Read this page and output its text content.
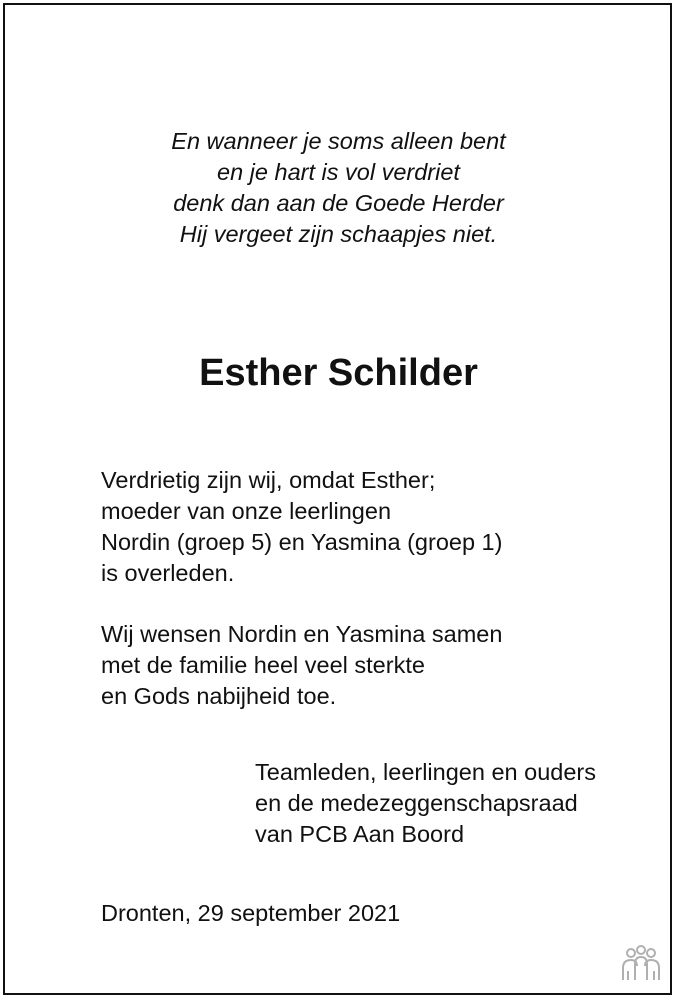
En wanneer je soms alleen bent
en je hart is vol verdriet
denk dan aan de Goede Herder
Hij vergeet zijn schaapjes niet.
Esther Schilder
Verdrietig zijn wij, omdat Esther;
moeder van onze leerlingen
Nordin (groep 5) en Yasmina (groep 1)
is overleden.
Wij wensen Nordin en Yasmina samen
met de familie heel veel sterkte
en Gods nabijheid toe.
Teamleden, leerlingen en ouders
en de medezeggenschapsraad
van PCB Aan Boord
Dronten, 29 september 2021
